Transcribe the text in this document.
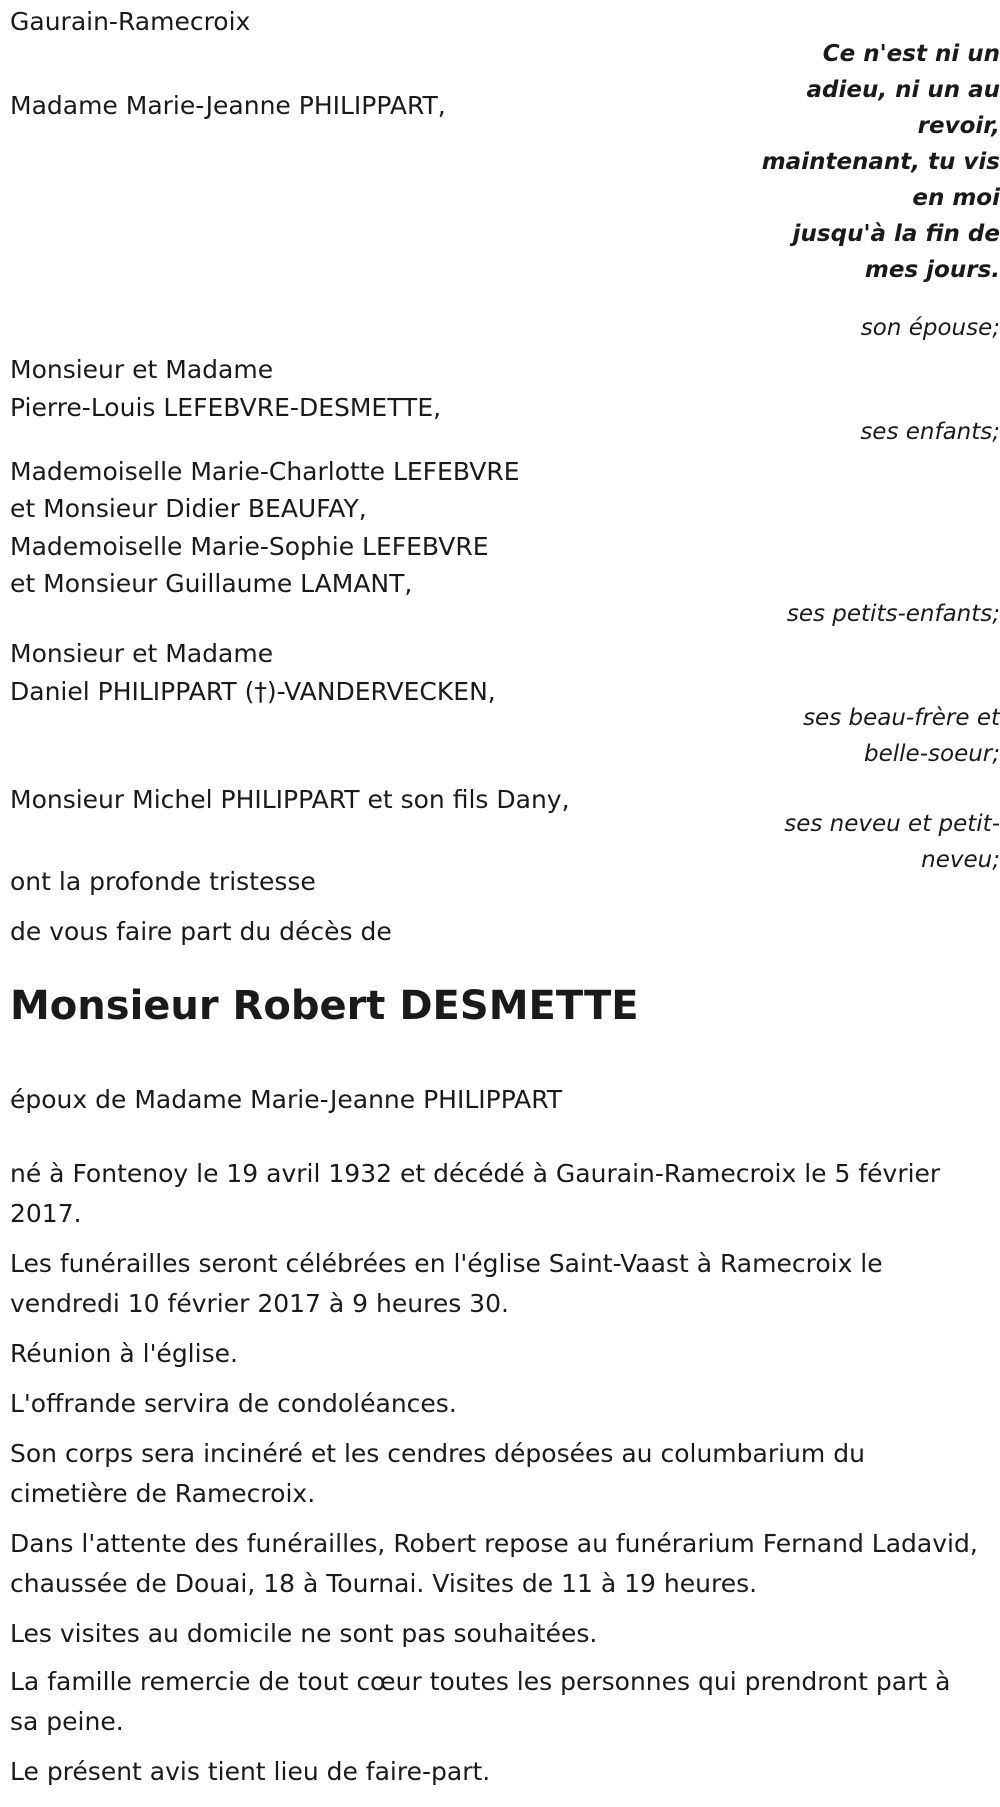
Gaurain-Ramecroix

Ce n'est ni un
adieu, ni un au
revoir,
maintenant, tu vis
en moi
jusqu'à la fin de
mes jours.

Madame Marie-Jeanne PHILIPPART,

son épouse;

Monsieur et Madame

Pierre-Louis LEFEBVRE-DESMETTE,

ses enfants;

Mademoiselle Marie-Charlotte LEFEBVRE

et Monsieur Didier BEAUFAY,

Mademoiselle Marie-Sophie LEFEBVRE

et Monsieur Guillaume LAMANT,

ses petits-enfants;

Monsieur et Madame

Daniel PHILIPPART (†)-VANDERVECKEN,

ses beau-frère et
belle-soeur;

Monsieur Michel PHILIPPART et son fils Dany,

ses neveu et petit-
neveu;

ont la profonde tristesse

de vous faire part du décès de

Monsieur Robert DESMETTE

époux de Madame Marie-Jeanne PHILIPPART

né à Fontenoy le 19 avril 1932 et décédé à Gaurain-Ramecroix le 5 février 2017.

Les funérailles seront célébrées en l'église Saint-Vaast à Ramecroix le vendredi 10 février 2017 à 9 heures 30.

Réunion à l'église.

L'offrande servira de condoléances.

Son corps sera incinéré et les cendres déposées au columbarium du cimetière de Ramecroix.

Dans l'attente des funérailles, Robert repose au funérarium Fernand Ladavid, chaussée de Douai, 18 à Tournai. Visites de 11 à 19 heures.

Les visites au domicile ne sont pas souhaitées.

La famille remercie de tout cœur toutes les personnes qui prendront part à sa peine.

Le présent avis tient lieu de faire-part.
